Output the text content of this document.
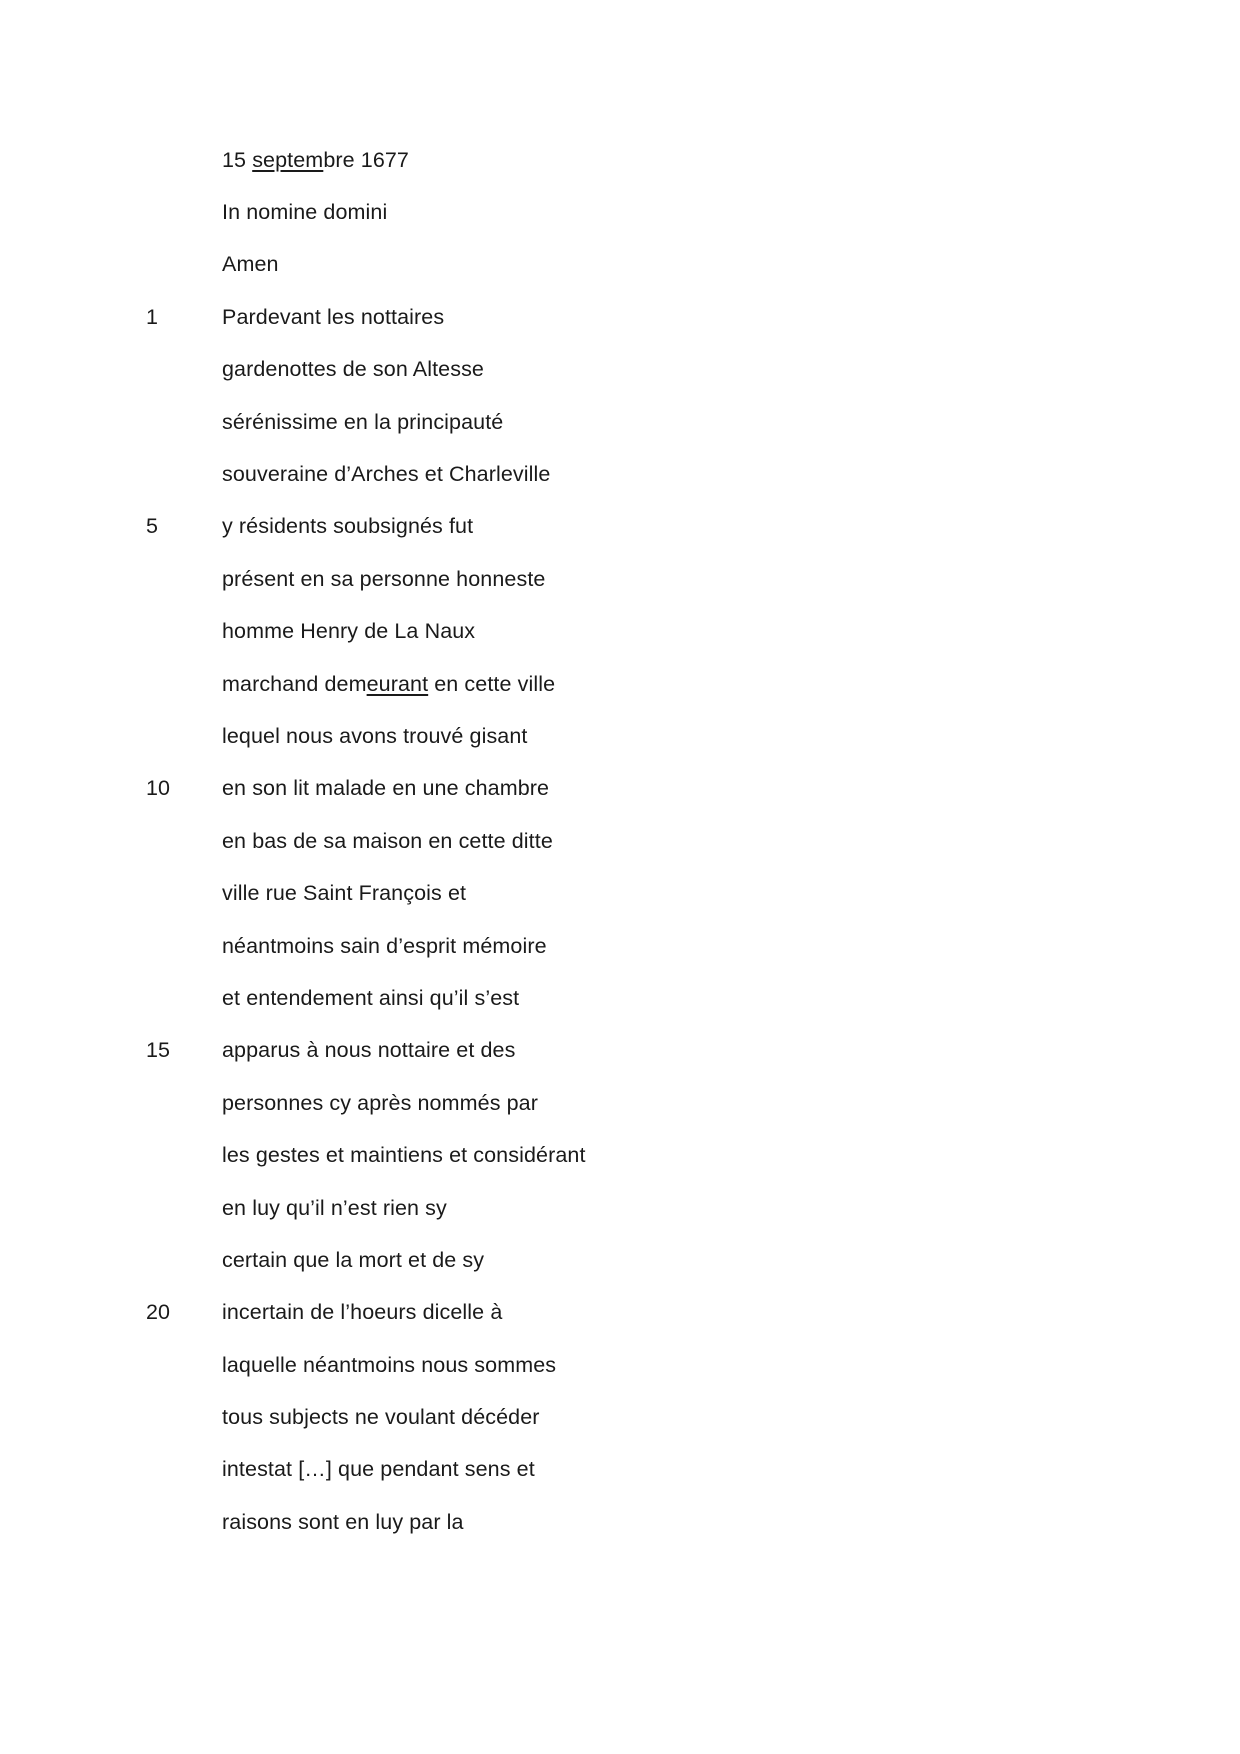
15 septembre 1677
In nomine domini
Amen
1	Pardevant les nottaires
gardenottes de son Altesse
sérénissime en la principauté
souveraine d’Arches et Charleville
5	y résidents soubsignés fut
présent en sa personne honneste
homme Henry de La Naux
marchand demeurant en cette ville
lequel nous avons trouvé gisant
10	en son lit malade en une chambre
en bas de sa maison en cette ditte
ville rue Saint François et
néantmoins sain d’esprit mémoire
et entendement ainsi qu’il s’est
15	apparus à nous nottaire et des
personnes cy après nommés par
les gestes et maintiens et considérant
en luy qu’il n’est rien sy
certain que la mort et de sy
20	incertain de l’hoeurs dicelle à
laquelle néantmoins nous sommes
tous subjects ne voulant décéder
intestat […] que pendant sens et
raisons sont en luy par la
